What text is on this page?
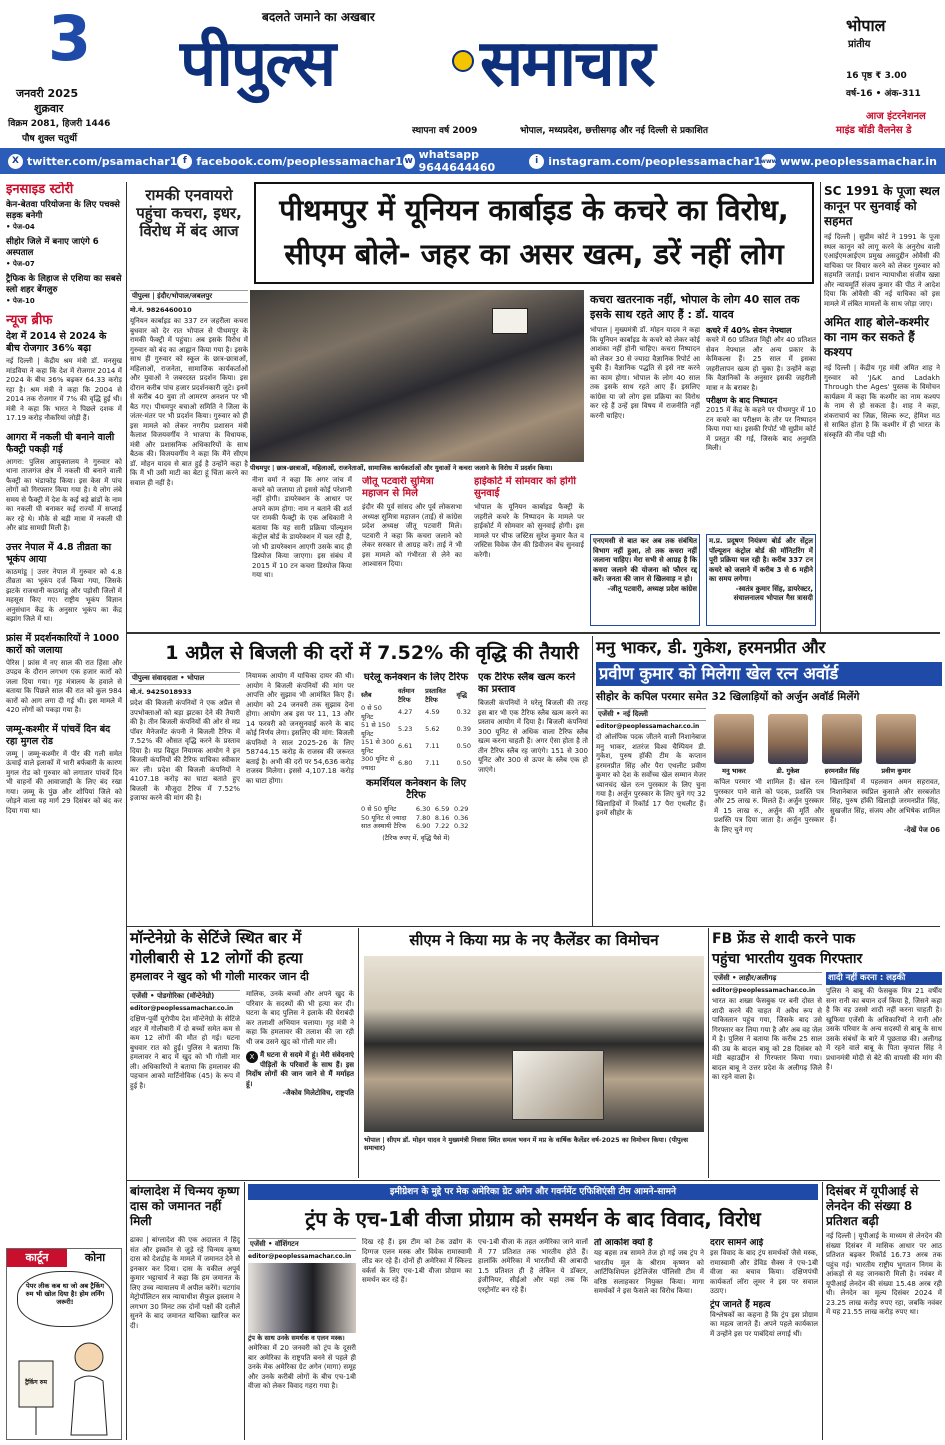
3
जनवरी 2025
शुक्रवार
विक्रम 2081, हिजरी 1446
पौष शुक्ल चतुर्थी
बदलते जमाने का अखबार
पीपुल्स समाचार
स्थापना वर्ष 2009	भोपाल, मध्यप्रदेश, छत्तीसगढ़ और नई दिल्ली से प्रकाशित
भोपाल
प्रांतीय
16 पृष्ठ ₹ 3.00
वर्ष-16 • अंक-311
आज इंटरनेशनल
माइंड बॉडी वैलनेस डे
X twitter.com/psamachar1 f facebook.com/peoplessamachar1 w whatsapp 9644644460	i instagram.com/peoplessamachar1 www www.peoplessamachar.in
इनसाइड स्टोरी
केन-बेतवा परियोजना के लिए पचक्से सड़क बनेगी
• पेज-04
सीहोर जिले में बनाए जाएंगे 6 अस्पताल
• पेज-07
ट्रैफिक के लिहाज से एशिया का सबसे स्लो शहर बेंगलुरु
• पेज-10
न्यूज ब्रीफ
देश में 2014 से 2024 के बीच रोजगार 36% बढ़ा
नई दिल्ली | केंद्रीय श्रम मंत्री डॉ. मनसुख मांडविया ने कहा कि देश में रोजगार 2014 में 2024 के बीच 36% बढ़कर 64.33 करोड़ रहा है। श्रम मंत्री ने कहा कि 2004 से 2014 तक रोजगार में 7% की वृद्धि हुई थी। मंत्री ने कहा कि भारत ने पिछले दशक में 17.19 करोड़ नौकरियां जोड़ी हैं।
आगरा में नकली घी बनाने वाली फैक्ट्री पकड़ी गई
आगरा: पुलिस आयुक्तालय ने गुरुवार को थाना ताजगंज क्षेत्र में नकली घी बनाने वाली फैक्ट्री का भंडाफोड़ किया। इस केस में पांच लोगों को गिरफ्तार किया गया है। ये लोग लंबे समय से फैक्ट्री में देश के कई बड़े ब्रांडों के नाम का नकली घी बनाकर कई राज्यों में सप्लाई कर रहे थे। मौके से बड़ी मात्रा में नकली घी और ब्रांड सामग्री मिली है।
उत्तर नेपाल में 4.8 तीव्रता का भूकंप आया
काठमांडू | उत्तर नेपाल में गुरुवार को 4.8 तीव्रता का भूकंप दर्ज किया गया, जिसके झटके राजधानी काठमांडू और पड़ोसी जिलों में महसूस किए गए। राष्ट्रीय भूकंप विज्ञान अनुसंधान केंद्र के अनुसार भूकंप का केंद्र बझांग जिले में था।
फ्रांस में प्रदर्शनकारियों ने 1000 कारों को जलाया
पेरिस | फ्रांस में नए साल की रात हिंसा और उपद्रव के दौरान लगभग एक हजार कारों को जला दिया गया। गृह मंत्रालय के हवाले से बताया कि पिछले साल की रात को कुल 984 कारों को आग लगा दी गई थी। इस मामले में 420 लोगों को पकड़ा गया है।
जम्मू-कश्मीर में पांचवें दिन बंद रहा मुगल रोड
जम्मू | जम्मू-कश्मीर में पीर की गली समेत ऊंचाई वाले इलाकों में भारी बर्फबारी के कारण मुगल रोड को गुरुवार को लगातार पांचवें दिन भी वाहनों की आवाजाही के लिए बंद रखा गया। जम्मू के पुंछ और शोपियां जिले को जोड़ने वाला यह मार्ग 29 दिसंबर को बंद कर दिया गया था।
कार्टून	कोना
पेपर लीक कब था जो अब ट्रैकिंग रुम भी खोल दिया है! होम लर्निंग जरूरी!
ट्रैकिंग रुम
रामकी एनवायरो पहुंचा कचरा, इधर, विरोध में बंद आज
पीथमपुर में यूनियन कार्बाइड के कचरे का विरोध,
सीएम बोले- जहर का असर खत्म, डरें नहीं लोग
पीपुल्स | इंदौर/भोपाल/जबलपुर
मो.नं. 9826460010
यूनियन कार्बाइड का 337 टन जहरीला कचरा बुधवार को देर रात भोपाल से पीथमपुर के रामकी फैक्ट्री में पहुंचा। अब इसके विरोध में गुरुवार को बंद का आह्वान किया गया है। इसके साथ ही गुरुवार को स्कूल के छात्र-छात्राओं, महिलाओं, राजनेता, सामाजिक कार्यकर्ताओं और युवाओं ने जबरदस्त प्रदर्शन किया। इस दौरान करीब पांच हजार प्रदर्शनकारी जुटे। इनमें से करीब 40 युवा तो आमरण अनशन पर भी बैठ गए। पीथमपुर बचाओ समिति ने जिला के जंतर-मंतर पर भी प्रदर्शन किया। गुरुवार को ही इस मामले को लेकर नगरीय प्रशासन मंत्री कैलाश विजयवर्गीय ने भाजपा के विधायक, मंत्री और प्रशासनिक अधिकारियों के साथ बैठक की। विजयवर्गीय ने कहा कि मैंने सीएम डॉ. मोहन यादव से बात हुई है उन्होंने कहा है कि मैं भी उसी माटी का बेटा हूं चिंता करने का सवाल ही नहीं है।
पीथमपुर | छात्र-छात्राओं, महिलाओं, राजनेताओं, सामाजिक कार्यकर्ताओं और युवाओं ने कचरा जलाने के विरोध में प्रदर्शन किया।
नीना वर्मा ने कहा कि अगर जांच में कचरे को जलाया तो इससे कोई परेशानी नहीं होगी। डायरेक्शन के आधार पर अपने काम होगा: नाम न बताने की शर्त पर रामकी फैक्ट्री के एक अधिकारी ने बताया कि यह सारी प्रक्रिया पॉल्यूशन कंट्रोल बोर्ड के डायरेक्शन में चल रही है, जो भी डायरेक्शन आएगी उसके बाद ही डिस्पोज किया जाएगा। इस संबंध में 2015 में 10 टन कचरा डिस्पोज किया गया था।
जीतू पटवारी सुमित्रा महाजन से मिले
इंदौर की पूर्व सांसद और पूर्व लोकसभा अध्यक्ष सुमित्रा महाजन (ताई) से कांग्रेस प्रदेश अध्यक्ष जीतू पटवारी मिले। पटवारी ने कहा कि कचरा जलाने को लेकर सरकार से आग्रह करें। ताई ने भी इस मामले को गंभीरता से लेने का आश्वासन दिया।
हाईकोर्ट में सोमवार को होगी सुनवाई
भोपाल के यूनियन कार्बाइड फैक्ट्री के जहरीले कचरे के निष्पादन के मामले पर हाईकोर्ट में सोमवार को सुनवाई होगी। इस मामले पर चीफ जस्टिस सुरेश कुमार कैत व जस्टिस विवेक जैन की डिवीजन बेंच सुनवाई करेगी।
कचरा खतरनाक नहीं, भोपाल के लोग 40 साल तक इसके साथ रहते आए हैं : डॉ. यादव
भोपाल | मुख्यमंत्री डॉ. मोहन यादव ने कहा कि यूनियन कार्बाइड के कचरे को लेकर कोई आशंका नहीं होनी चाहिए। कचरा निष्पादन को लेकर 30 से ज्यादा वैज्ञानिक रिपोर्ट आ चुकी हैं। वैज्ञानिक पद्धति से इसे नष्ट करने का काम होगा। भोपाल के लोग 40 साल तक इसके साथ रहते आए हैं। इसलिए कांग्रेस या जो लोग इस प्रक्रिया का विरोध कर रहे हैं उन्हें इस विषय में राजनीति नहीं करनी चाहिए।
कचरे में 40% सेवन नेफ्थाल
कचरे में 60 प्रतिशत मिट्टी और 40 प्रतिशत सेवन नेफ्थाल और अन्य प्रकार के केमिकल्स हैं। 25 साल में इसका जहरीलापन खत्म हो चुका है। उन्होंने कहा कि वैज्ञानिकों के अनुसार इसकी जहरीली मात्रा न के बराबर है।
परीक्षण के बाद निष्पादन
2015 में केंद्र के कहने पर पीथमपुर में 10 टन कचरे का परीक्षण के तौर पर निष्पादन किया गया था। इसकी रिपोर्ट भी सुप्रीम कोर्ट में प्रस्तुत की गई, जिसके बाद अनुमति मिली।
एनएमसी से बात कर अब तक संबंधित विभाग नहीं हुआ, तो तक कचरा नहीं जलाना चाहिए। मेरा सभी से आग्रह है कि कचरा जलाने की योजना को फौरन रद्द करें। जनता की जान से खिलवाड़ न हो।
-जीतू पटवारी, अध्यक्ष प्रदेश कांग्रेस
म.प्र. प्रदूषण नियंत्रण बोर्ड और सेंट्रल पॉल्यूशन कंट्रोल बोर्ड की मॉनिटरिंग में पूरी प्रक्रिया चल रही है। करीब 337 टन कचरे को जलाने में करीब 3 से 6 महीने का समय लगेगा।
-स्वतंत्र कुमार सिंह, डायरेक्टर, संचालनालय भोपाल गैस त्रासदी
SC 1991 के पूजा स्थल कानून पर सुनवाई को सहमत
नई दिल्ली | सुप्रीम कोर्ट ने 1991 के पूजा स्थल कानून को लागू करने के अनुरोध वाली एआईएमआईएम प्रमुख असदुद्दीन ओवैसी की याचिका पर विचार करने को लेकर गुरुवार को सहमति जताई। प्रधान न्यायाधीश संजीव खन्ना और न्यायमूर्ति संजय कुमार की पीठ ने आदेश दिया कि ओवैसी की नई याचिका को इस मामले में लंबित मामलों के साथ जोड़ा जाए।
अमित शाह बोले-कश्मीर का नाम कर सकते हैं कश्यप
नई दिल्ली | केंद्रीय गृह मंत्री अमित शाह ने गुरुवार को 'J&K and Ladakh Through the Ages' पुस्तक के विमोचन कार्यक्रम में कहा कि कश्मीर का नाम कश्यप के नाम से हो सकता है। शाह ने कहा, शंकराचार्य का जिक्र, सिल्क रूट, हेमिश मठ से साबित होता है कि कश्मीर में ही भारत के संस्कृति की नींव पड़ी थी।
1 अप्रैल से बिजली की दरों में 7.52% की वृद्धि की तैयारी
पीपुल्स संवाददाता • भोपाल
मो.नं. 9425018933
प्रदेश की बिजली कंपनियों ने एक अप्रैल से उपभोक्ताओं को बड़ा झटका देने की तैयारी की है। तीन बिजली कंपनियों की ओर से मप्र पॉवर मैनेजमेंट कंपनी ने बिजली टैरिफ में 7.52% की औसत वृद्धि करने के प्रस्ताव दिया है। मप्र विद्युत नियामक आयोग ने इन बिजली कंपनियों की टैरिफ याचिका स्वीकार कर ली। प्रदेश की बिजली कंपनियों ने 4107.18 करोड़ का घाटा बताते हुए बिजली के मौजूदा टैरिफ में 7.52% इजाफा करने की मांग की है।
नियामक आयोग में याचिका दायर की थी। आयोग ने बिजली कंपनियों की मांग पर आपत्ति और सुझाव भी आमंत्रित किए हैं। आयोग को 24 जनवरी तक सुझाव देना होगा। आयोग अब इस पर 11, 13 और 14 फरवरी को जनसुनवाई करने के बाद कोई निर्णय लेगा। इसलिए की मांग: बिजली कंपनियों ने साल 2025-26 के लिए 58744.15 करोड़ के राजस्व की जरूरत बताई है। अभी की दरों पर 54,636 करोड़ राजस्व मिलेगा। इससे 4,107.18 करोड़ का घाटा होगा।
घरेलू कनेक्शन के लिए टैरिफ
स्लैब	वर्तमान टैरिफ	प्रस्तावित टैरिफ	वृद्धि
0 से 50 यूनिट	4.27	4.59	0.32
51 से 150 यूनिट	5.23	5.62	0.39
151 से 300 यूनिट	6.61	7.11	0.50
300 यूनिट से ज्यादा	6.80	7.11	0.50
कमर्शियल कनेक्शन के लिए टैरिफ
0 से 50 यूनिट	6.30	6.59	0.29
50 यूनिट से ज्यादा	7.80	8.16	0.36
सात अस्थायी टैरिफ	6.90	7.22	0.32
(टैरिफ रुपए में, वृद्धि पैसे में)
एक टैरिफ स्लैब खत्म करने का प्रस्ताव
बिजली कंपनियों ने घरेलू बिजली की तरह इस बार भी एक टैरिफ स्लैब खत्म करने का प्रस्ताव आयोग में दिया है। बिजली कंपनियां 300 यूनिट से अधिक वाला टैरिफ स्लैब खत्म करना चाहती हैं। अगर ऐसा होता है तो तीन टैरिफ स्लैब रह जाएंगे। 151 से 300 यूनिट और 300 से ऊपर के स्लैब एक हो जाएंगे।
मनु भाकर, डी. गुकेश, हरमनप्रीत और
प्रवीण कुमार को मिलेगा खेल रत्न अवॉर्ड
सीहोर के कपिल परमार समेत 32 खिलाड़ियों को अर्जुन अवॉर्ड मिलेंगे
एजेंसी • नई दिल्ली
editor@peoplessamachar.co.in
दो ओलंपिक पदक जीतने वाली निशानेबाज मनु भाकर, शतरंज विश्व चैम्पियन डी. गुकेश, पुरुष हॉकी टीम के कप्तान हरमनप्रीत सिंह और पैरा एथलीट प्रवीण कुमार को देश के सर्वोच्च खेल सम्मान मेजर ध्यानचंद खेल रत्न पुरस्कार के लिए चुना गया है। अर्जुन पुरस्कार के लिए चुने गए 32 खिलाड़ियों में रिकॉर्ड 17 पैरा एथलीट हैं। इनमें सीहोर के
मनु भाकर	डी. गुकेश	हरमनप्रीत सिंह	प्रवीण कुमार
कपिल परमार भी शामिल हैं। खेल रत्न पुरस्कार पाने वाले को पदक, प्रशस्ति पत्र और 25 लाख रु. मिलते हैं। अर्जुन पुरस्कार में 15 लाख रु., अर्जुन की मूर्ति और प्रशस्ति पत्र दिया जाता है। अर्जुन पुरस्कार के लिए चुने गए
खिलाड़ियों में पहलवान अमन सहरावत, निशानेबाज स्वप्निल कुसाले और सरबजोत सिंह, पुरुष हॉकी खिलाड़ी जरमनप्रीत सिंह, सुखजीत सिंह, संजय और अभिषेक शामिल हैं।
-देखें पेज 06
मॉन्टेनेग्रो के सेटिंजे स्थित बार में गोलीबारी से 12 लोगों की हत्या
हमलावर ने खुद को भी गोली मारकर जान दी
एजेंसी • पोडगोरिका (मॉन्टेनेग्रो)
editor@peoplessamachar.co.in
दक्षिण-पूर्वी यूरोपीय देश मॉन्टेनेग्रो के सेटिंजे शहर में गोलीबारी में दो बच्चों समेत कम से कम 12 लोगों की मौत हो गई। घटना बुधवार रात को हुई। पुलिस ने बताया कि हमलावर ने बाद में खुद को भी गोली मार ली। अधिकारियों ने बताया कि हमलावर की पहचान आको मार्टिनोविक (45) के रूप में हुई है।
मालिक, उनके बच्चों और अपने खुद के परिवार के सदस्यों की भी हत्या कर दी। घटना के बाद पुलिस ने इलाके की घेराबंदी कर तलाशी अभियान चलाया। गृह मंत्री ने कहा कि हमलावर की तलाश की जा रही थी जब उसने खुद को गोली मार ली।
X मैं घटना से सदमे में हूं। मेरी संवेदनाएं पीड़ितों के परिवारों के साथ हैं। इस निर्दोष लोगों की जान जाने से मैं मर्माहत हूं।
-जैकोव मिलेटोविच, राष्ट्रपति
सीएम ने किया मप्र के नए कैलेंडर का विमोचन
भोपाल | सीएम डॉ. मोहन यादव ने मुख्यमंत्री निवास स्थित समत्व भवन में मप्र के वार्षिक कैलेंडर वर्ष-2025 का विमोचन किया। (पीपुल्स समाचार)
FB फ्रेंड से शादी करने पाक
पहुंचा भारतीय युवक गिरफ्तार
एजेंसी • लाहौर/अलीगढ़
editor@peoplessamachar.co.in
भारत का शख्स फेसबुक पर बनी दोस्त से शादी करने की चाहत में अवैध रूप से पाकिस्तान पहुंच गया, जिसके बाद उसे गिरफ्तार कर लिया गया है और अब वह जेल में है। पुलिस ने बताया कि करीब 25 साल की उम्र के बादल बाबू को 28 दिसंबर को मंडी बहाउद्दीन से गिरफ्तार किया गया। बादल बाबू ने उत्तर प्रदेश के अलीगढ़ जिले का रहने वाला है।
शादी नहीं करना : लड़की
पुलिस ने बाबू की फेसबुक मित्र 21 वर्षीय सना रानी का बयान दर्ज किया है, जिसने कहा है कि वह उससे शादी नहीं करना चाहती है। खुफिया एजेंसी के अधिकारियों ने रानी और उसके परिवार के अन्य सदस्यों से बाबू के साथ उसके संबंधों के बारे में पूछताछ की। अलीगढ़ में रहने वाले बाबू के पिता कृपाल सिंह ने प्रधानमंत्री मोदी से बेटे की वापसी की मांग की है।
बांग्लादेश में चिन्मय कृष्ण दास को जमानत नहीं मिली
ढाका | बांग्लादेश की एक अदालत ने हिंदू संत और इस्कॉन से जुड़े रहे चिन्मय कृष्ण दास को देशद्रोह के मामले में जमानत देने से इनकार कर दिया। दास के वकील अपूर्व कुमार भट्टाचार्य ने कहा कि हम जमानत के लिए उच्च न्यायालय में अपील करेंगे। चटगांव मेट्रोपॉलिटन सत्र न्यायाधीश सैफुल इस्लाम ने लगभग 30 मिनट तक दोनों पक्षों की दलीलें सुनने के बाद जमानत याचिका खारिज कर दी।
इमीग्रेशन के मुद्दे पर मेक अमेरिका ग्रेट अगेन और गवर्नमेंट एफिशिएंसी टीम आमने-सामने
ट्रंप के एच-1बी वीजा प्रोग्राम को समर्थन के बाद विवाद, विरोध
एजेंसी • वॉशिंगटन
editor@peoplessamachar.co.in
ट्रंप के साथ उनके समर्थक व एलन मस्क।
अमेरिका में 20 जनवरी को ट्रंप के दूसरी बार अमेरिका के राष्ट्रपति बनने से पहले ही उनके मेक अमेरिका ग्रेट अगेन (मागा) समूह और उनके करीबी लोगों के बीच एच-1बी वीजा को लेकर विवाद गहरा गया है।
दिख रहे हैं। इस टीम को टेक उद्योग के दिग्गज एलन मस्क और विवेक रामास्वामी लीड कर रहे हैं। दोनों ही अमेरिका में स्किल्ड वर्कर्स के लिए एच-1बी वीजा प्रोग्राम का समर्थन कर रहे हैं।
एच-1बी वीजा के तहत अमेरिका जाने वालों में 77 प्रतिशत तक भारतीय होते हैं। हालांकि अमेरिका में भारतीयों की आबादी 1.5 प्रतिशत ही है लेकिन ये डॉक्टर, इंजीनियर, सीईओ और यहां तक कि एस्ट्रोनॉट बन रहे हैं।
तो आकोश क्यों है
यह बहस तब सामने तेज हो गई जब ट्रंप ने भारतीय मूल के श्रीराम कृष्णन को आर्टिफिशियल इंटेलिजेंस पॉलिसी टीम में वरिष्ठ सलाहकार नियुक्त किया। मागा समर्थकों ने इस फैसले का विरोध किया।
दरार सामने आई
इस विवाद के बाद ट्रंप समर्थकों जैसे मस्क, रामास्वामी और डेविड सैक्स ने एच-1बी वीजा का बचाव किया। दक्षिणपंथी कार्यकर्ता लॉरा लूमर ने इस पर सवाल उठाए।
ट्रंप जानते हैं महत्व
विश्लेषकों का कहना है कि ट्रंप इस प्रोग्राम का महत्व जानते हैं। अपने पहले कार्यकाल में उन्होंने इस पर पाबंदियां लगाई थीं।
दिसंबर में यूपीआई से लेनदेन की संख्या 8 प्रतिशत बढ़ी
नई दिल्ली | यूपीआई के माध्यम से लेनदेन की संख्या दिसंबर में मासिक आधार पर आठ प्रतिशत बढ़कर रिकॉर्ड 16.73 अरब तक पहुंच गई। भारतीय राष्ट्रीय भुगतान निगम के आंकड़ों से यह जानकारी मिली है। नवंबर में यूपीआई लेनदेन की संख्या 15.48 अरब रही थी। लेनदेन का मूल्य दिसंबर 2024 में 23.25 लाख करोड़ रुपए रहा, जबकि नवंबर में यह 21.55 लाख करोड़ रुपए था।
